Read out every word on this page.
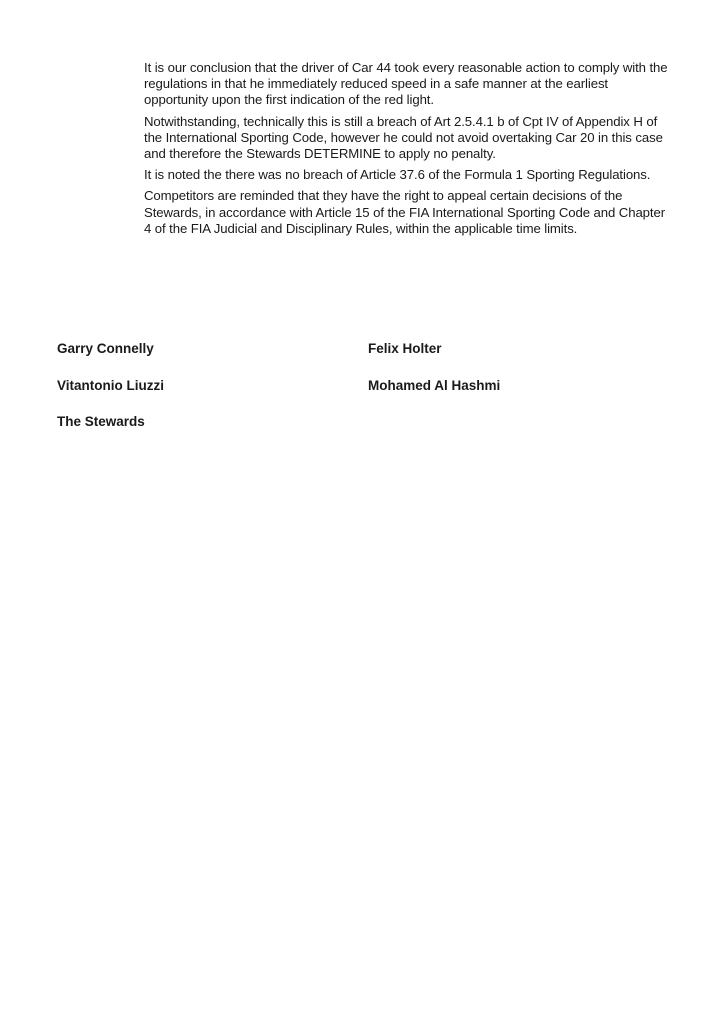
It is our conclusion that the driver of Car 44 took every reasonable action to comply with the regulations in that he immediately reduced speed in a safe manner at the earliest opportunity upon the first indication of the red light.

Notwithstanding, technically this is still a breach of Art 2.5.4.1 b of Cpt IV of Appendix H of the International Sporting Code, however he could not avoid overtaking Car 20 in this case and therefore the Stewards DETERMINE to apply no penalty.

It is noted the there was no breach of Article 37.6 of the Formula 1 Sporting Regulations.

Competitors are reminded that they have the right to appeal certain decisions of the Stewards, in accordance with Article 15 of the FIA International Sporting Code and Chapter 4 of the FIA Judicial and Disciplinary Rules, within the applicable time limits.

Garry Connelly	Felix Holter

Vitantonio Liuzzi	Mohamed Al Hashmi

The Stewards
